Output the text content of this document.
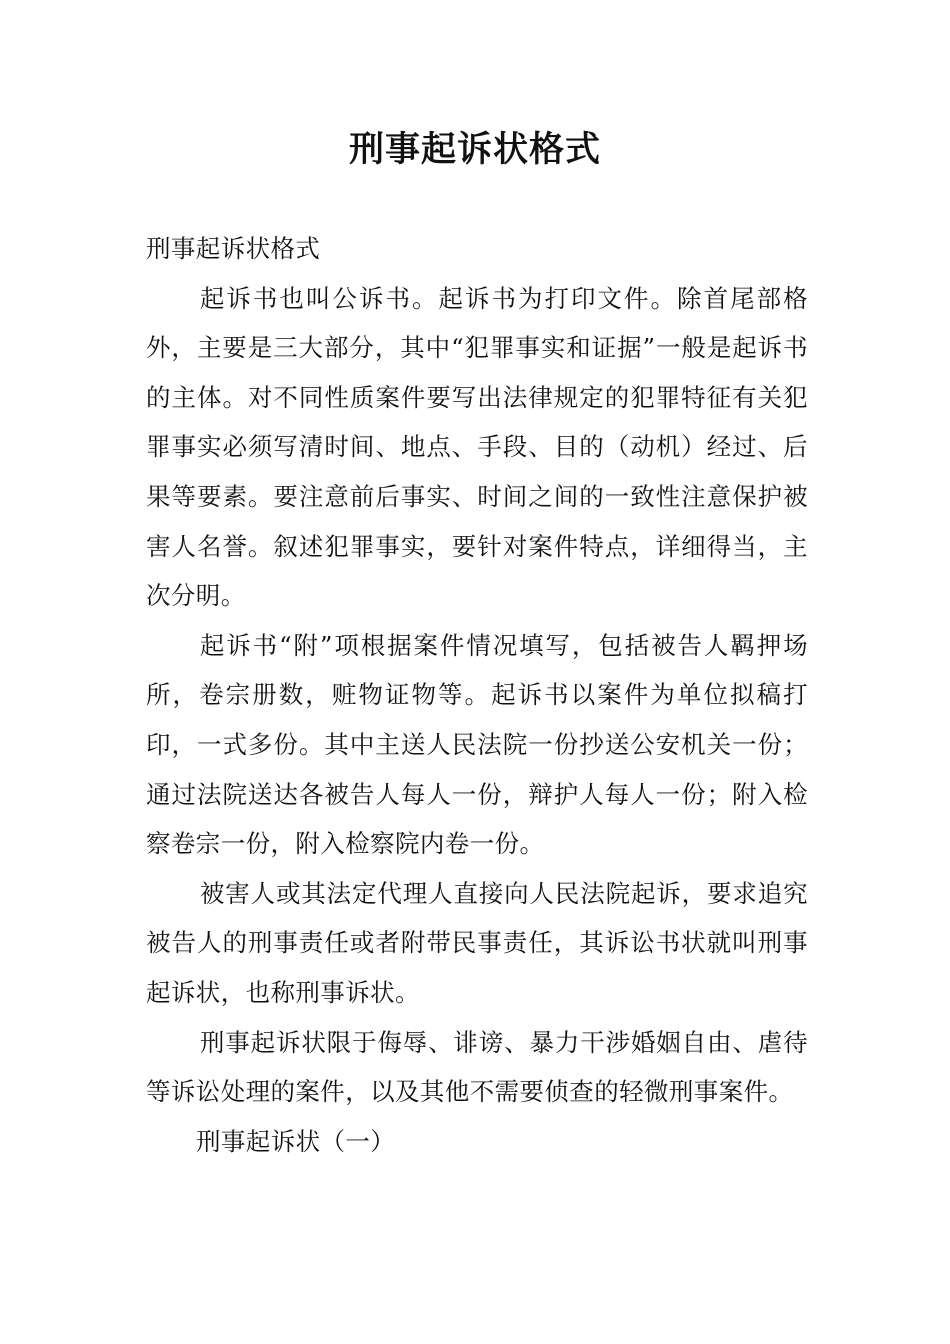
刑事起诉状格式

刑事起诉状格式

起诉书也叫公诉书。起诉书为打印文件。除首尾部格外，主要是三大部分，其中“犯罪事实和证据”一般是起诉书的主体。对不同性质案件要写出法律规定的犯罪特征有关犯罪事实必须写清时间、地点、手段、目的（动机）经过、后果等要素。要注意前后事实、时间之间的一致性注意保护被害人名誉。叙述犯罪事实，要针对案件特点，详细得当，主次分明。

起诉书“附”项根据案件情况填写，包括被告人羁押场所，卷宗册数，赃物证物等。起诉书以案件为单位拟稿打印，一式多份。其中主送人民法院一份抄送公安机关一份；通过法院送达各被告人每人一份，辩护人每人一份；附入检察卷宗一份，附入检察院内卷一份。

被害人或其法定代理人直接向人民法院起诉，要求追究被告人的刑事责任或者附带民事责任，其诉讼书状就叫刑事起诉状，也称刑事诉状。

刑事起诉状限于侮辱、诽谤、暴力干涉婚姻自由、虐待等诉讼处理的案件，以及其他不需要侦查的轻微刑事案件。

刑事起诉状（一）
